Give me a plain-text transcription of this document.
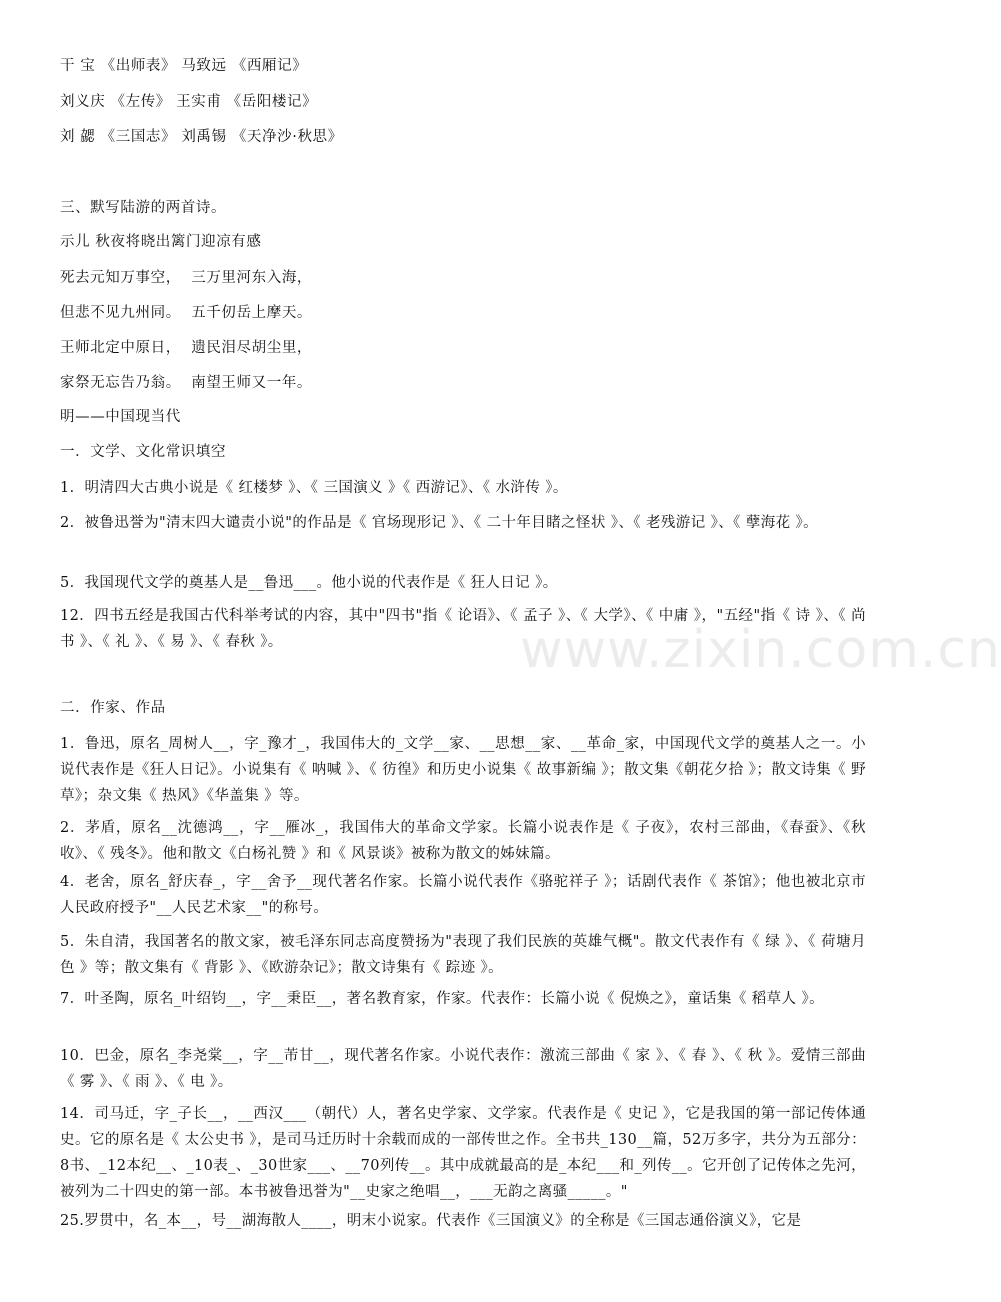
www.zixin.com.cn
干 宝 《出师表》 马致远 《西厢记》
刘义庆 《左传》 王实甫 《岳阳楼记》
刘 勰 《三国志》 刘禹锡 《天净沙·秋思》
三、默写陆游的两首诗。
示儿 秋夜将晓出篱门迎凉有感
死去元知万事空，  三万里河东入海，
但悲不见九州同。  五千仞岳上摩天。
王师北定中原日，  遗民泪尽胡尘里，
家祭无忘告乃翁。  南望王师又一年。
明——中国现当代
一．文学、文化常识填空
1．明清四大古典小说是《 红楼梦 》、《 三国演义 》《 西游记》、《 水浒传 》。
2．被鲁迅誉为"清末四大谴责小说"的作品是《 官场现形记 》、《 二十年目睹之怪状 》、《 老残游记 》、《 孽海花 》。
5．我国现代文学的奠基人是__鲁迅___。他小说的代表作是《 狂人日记 》。
12．四书五经是我国古代科举考试的内容，其中"四书"指《 论语》、《 孟子 》、《 大学》、《 中庸 》，"五经"指《 诗 》、《 尚书 》、《 礼 》、《 易 》、《 春秋 》。
二．作家、作品
1．鲁迅，原名_周树人__，字_豫才_，我国伟大的_文学__家、__思想__家、__革命_家，中国现代文学的奠基人之一。小说代表作是《狂人日记》。小说集有《 呐喊 》、《 彷徨》和历史小说集《 故事新编 》；散文集《朝花夕拾 》；散文诗集《 野草》；杂文集《 热风》《华盖集 》等。
2．茅盾，原名__沈德鸿__，字__雁冰_，我国伟大的革命文学家。长篇小说表作是《 子夜》，农村三部曲，《春蚕》、《秋收》、《 残冬》。他和散文《白杨礼赞 》和《 风景谈》被称为散文的姊妹篇。
4．老舍，原名_舒庆春_，字__舍予__现代著名作家。长篇小说代表作《骆驼祥子 》；话剧代表作《 茶馆》；他也被北京市人民政府授予"__人民艺术家__"的称号。
5．朱自清，我国著名的散文家，被毛泽东同志高度赞扬为"表现了我们民族的英雄气概"。散文代表作有《 绿 》、《 荷塘月色 》等；散文集有《 背影 》、《欧游杂记》；散文诗集有《 踪迹 》。
7．叶圣陶，原名_叶绍钧__，字__秉臣__，著名教育家，作家。代表作：长篇小说《 倪焕之》，童话集《 稻草人 》。
10．巴金，原名_李尧棠__，字__芾甘__，现代著名作家。小说代表作：激流三部曲《 家 》、《 春 》、《 秋 》。爱情三部曲《 雾 》、《 雨 》、《 电 》。
14．司马迁，字_子长__，__西汉___（朝代）人，著名史学家、文学家。代表作是《 史记 》，它是我国的第一部记传体通史。它的原名是《 太公史书 》，是司马迁历时十余载而成的一部传世之作。全书共_130__篇，52万多字，共分为五部分：8书、_12本纪__、_10表_、_30世家___、__70列传__。其中成就最高的是_本纪___和_列传__。它开创了记传体之先河，被列为二十四史的第一部。本书被鲁迅誉为"__史家之绝唱__，___无韵之离骚_____。"
25.罗贯中，名_本__，号__湖海散人____，明末小说家。代表作《三国演义》的全称是《三国志通俗演义》，它是
